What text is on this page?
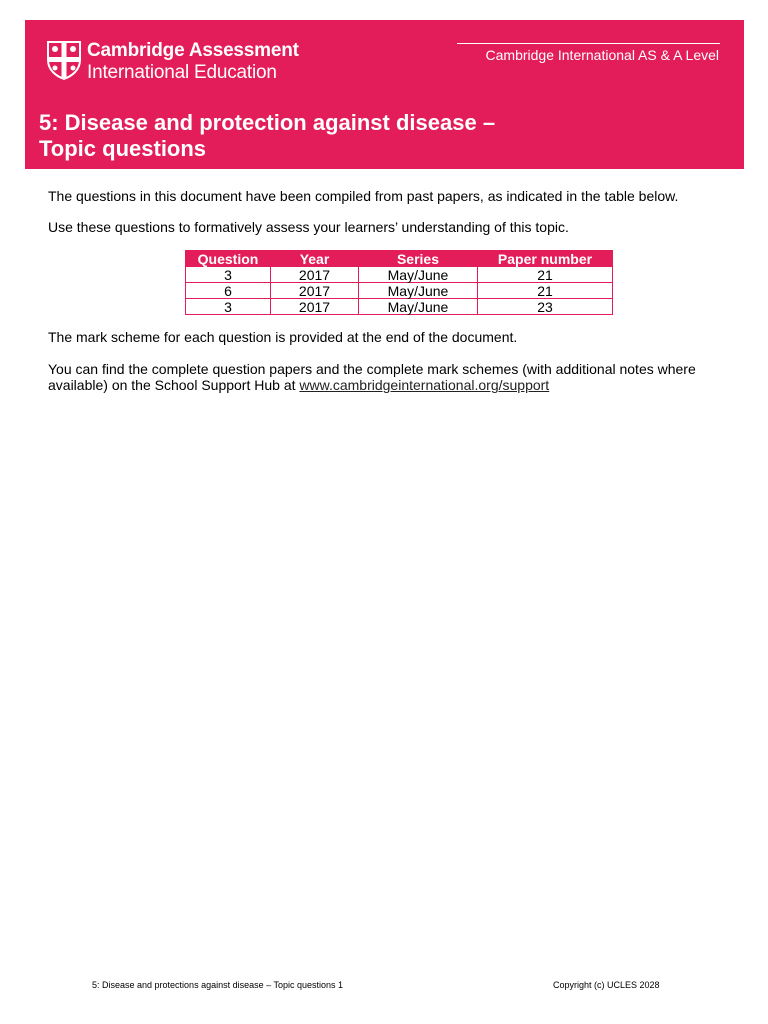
Cambridge Assessment
International Education
Cambridge International AS & A Level
5: Disease and protection against disease –
Topic questions
The questions in this document have been compiled from past papers, as indicated in the table below.
Use these questions to formatively assess your learners’ understanding of this topic.
Question	Year	Series	Paper number
3	2017	May/June	21
6	2017	May/June	21
3	2017	May/June	23
The mark scheme for each question is provided at the end of the document.
You can find the complete question papers and the complete mark schemes (with additional notes where available) on the School Support Hub at www.cambridgeinternational.org/support
5: Disease and protections against disease – Topic questions 1	Copyright (c) UCLES 2028
